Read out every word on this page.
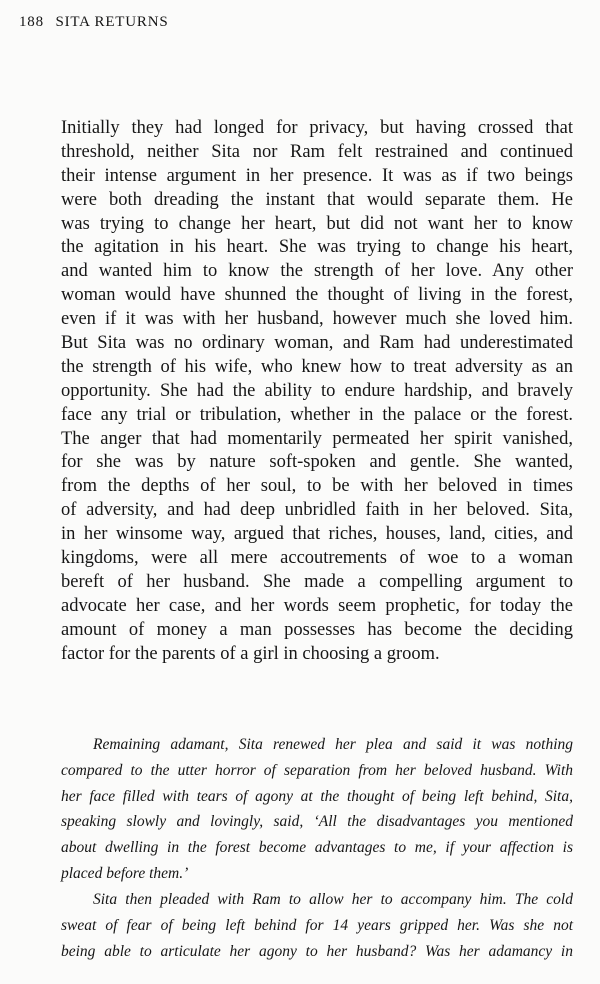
188 SITA RETURNS
Initially they had longed for privacy, but having crossed that
threshold, neither Sita nor Ram felt restrained and continued
their intense argument in her presence. It was as if two beings
were both dreading the instant that would separate them. He
was trying to change her heart, but did not want her to know
the agitation in his heart. She was trying to change his heart,
and wanted him to know the strength of her love. Any other
woman would have shunned the thought of living in the forest,
even if it was with her husband, however much she loved him.
But Sita was no ordinary woman, and Ram had underestimated
the strength of his wife, who knew how to treat adversity as an
opportunity. She had the ability to endure hardship, and bravely
face any trial or tribulation, whether in the palace or the forest.
The anger that had momentarily permeated her spirit vanished,
for she was by nature soft-spoken and gentle. She wanted,
from the depths of her soul, to be with her beloved in times
of adversity, and had deep unbridled faith in her beloved. Sita,
in her winsome way, argued that riches, houses, land, cities, and
kingdoms, were all mere accoutrements of woe to a woman
bereft of her husband. She made a compelling argument to
advocate her case, and her words seem prophetic, for today the
amount of money a man possesses has become the deciding
factor for the parents of a girl in choosing a groom.
Remaining adamant, Sita renewed her plea and said it was nothing
compared to the utter horror of separation from her beloved husband. With
her face filled with tears of agony at the thought of being left behind, Sita,
speaking slowly and lovingly, said, ‘All the disadvantages you mentioned
about dwelling in the forest become advantages to me, if your affection is
placed before them.’
Sita then pleaded with Ram to allow her to accompany him. The cold
sweat of fear of being left behind for 14 years gripped her. Was she not
being able to articulate her agony to her husband? Was her adamancy in
